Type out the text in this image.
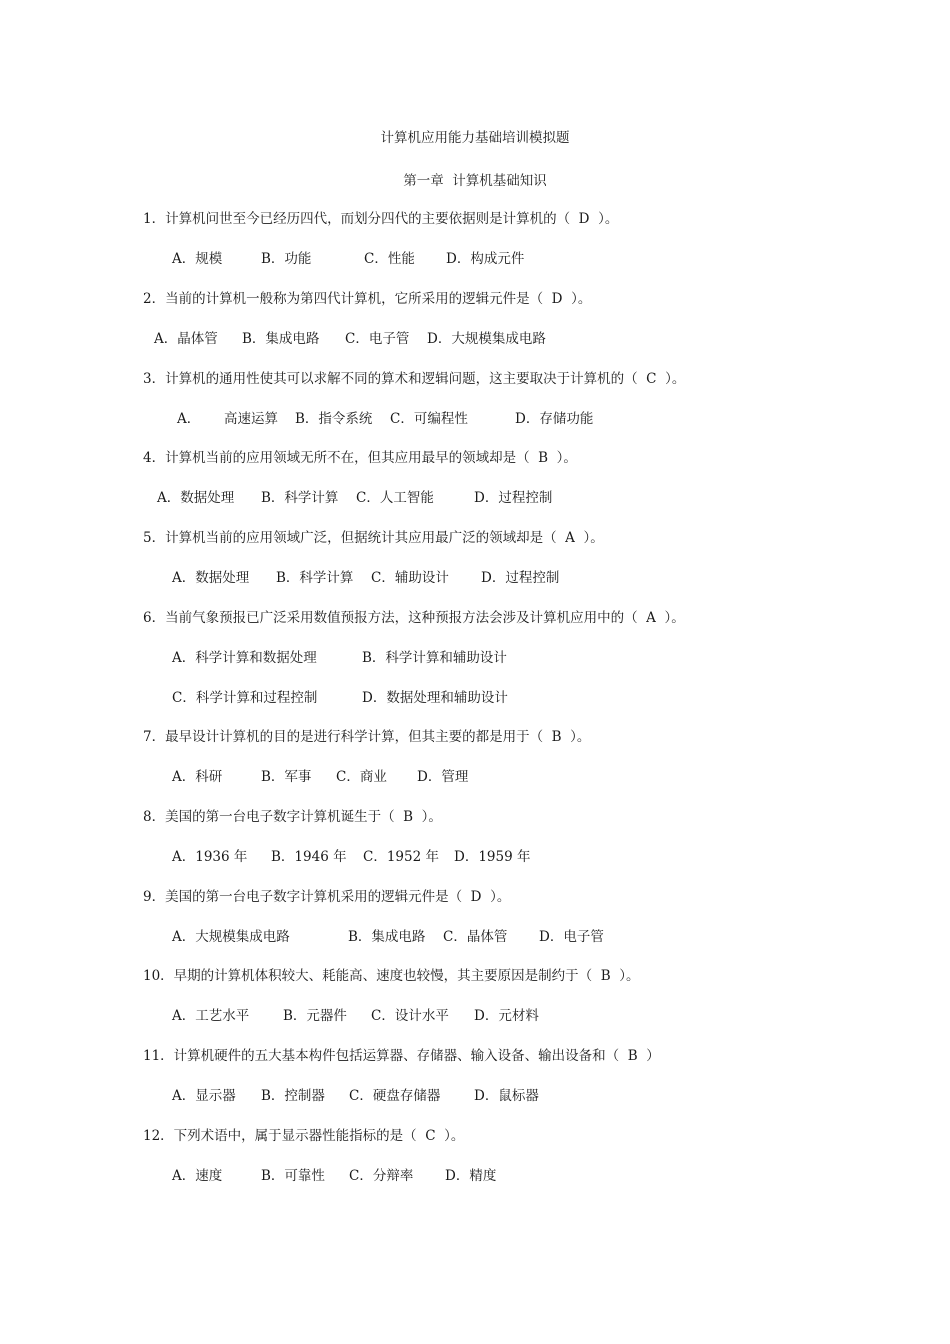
计算机应用能力基础培训模拟题

第一章  计算机基础知识

1．计算机问世至今已经历四代，而划分四代的主要依据则是计算机的（  D  ）。

A．规模	B．功能	C．性能 D．构成元件

2．当前的计算机一般称为第四代计算机，它所采用的逻辑元件是（  D  ）。

A．晶体管 B．集成电路 C．电子管 D．大规模集成电路

3．计算机的通用性使其可以求解不同的算术和逻辑问题，这主要取决于计算机的（  C  ）。

A． 高速运算 B．指令系统 C．可编程性	D．存储功能

4．计算机当前的应用领域无所不在，但其应用最早的领域却是（  B  ）。

A．数据处理 B．科学计算 C．人工智能	D．过程控制

5．计算机当前的应用领域广泛，但据统计其应用最广泛的领域却是（  A  ）。

A．数据处理 B．科学计算 C．辅助设计 D．过程控制

6．当前气象预报已广泛采用数值预报方法，这种预报方法会涉及计算机应用中的（  A  ）。

A．科学计算和数据处理	B．科学计算和辅助设计
C．科学计算和过程控制	D．数据处理和辅助设计

7．最早设计计算机的目的是进行科学计算，但其主要的都是用于（  B  ）。

A．科研	B．军事 C．商业 D．管理

8．美国的第一台电子数字计算机诞生于（  B  ）。

A．1936 年 B．1946 年 C．1952 年 D．1959 年

9．美国的第一台电子数字计算机采用的逻辑元件是（  D  ）。

A．大规模集成电路	B．集成电路 C．晶体管 D．电子管

10．早期的计算机体积较大、耗能高、速度也较慢，其主要原因是制约于（  B  ）。

A．工艺水平	B．元器件 C．设计水平 D．元材料

11．计算机硬件的五大基本构件包括运算器、存储器、输入设备、输出设备和（  B  ）

A．显示器 B．控制器 C．硬盘存储器 D．鼠标器

12．下列术语中，属于显示器性能指标的是（  C  ）。

A．速度	B．可靠性 C．分辩率 D．精度
